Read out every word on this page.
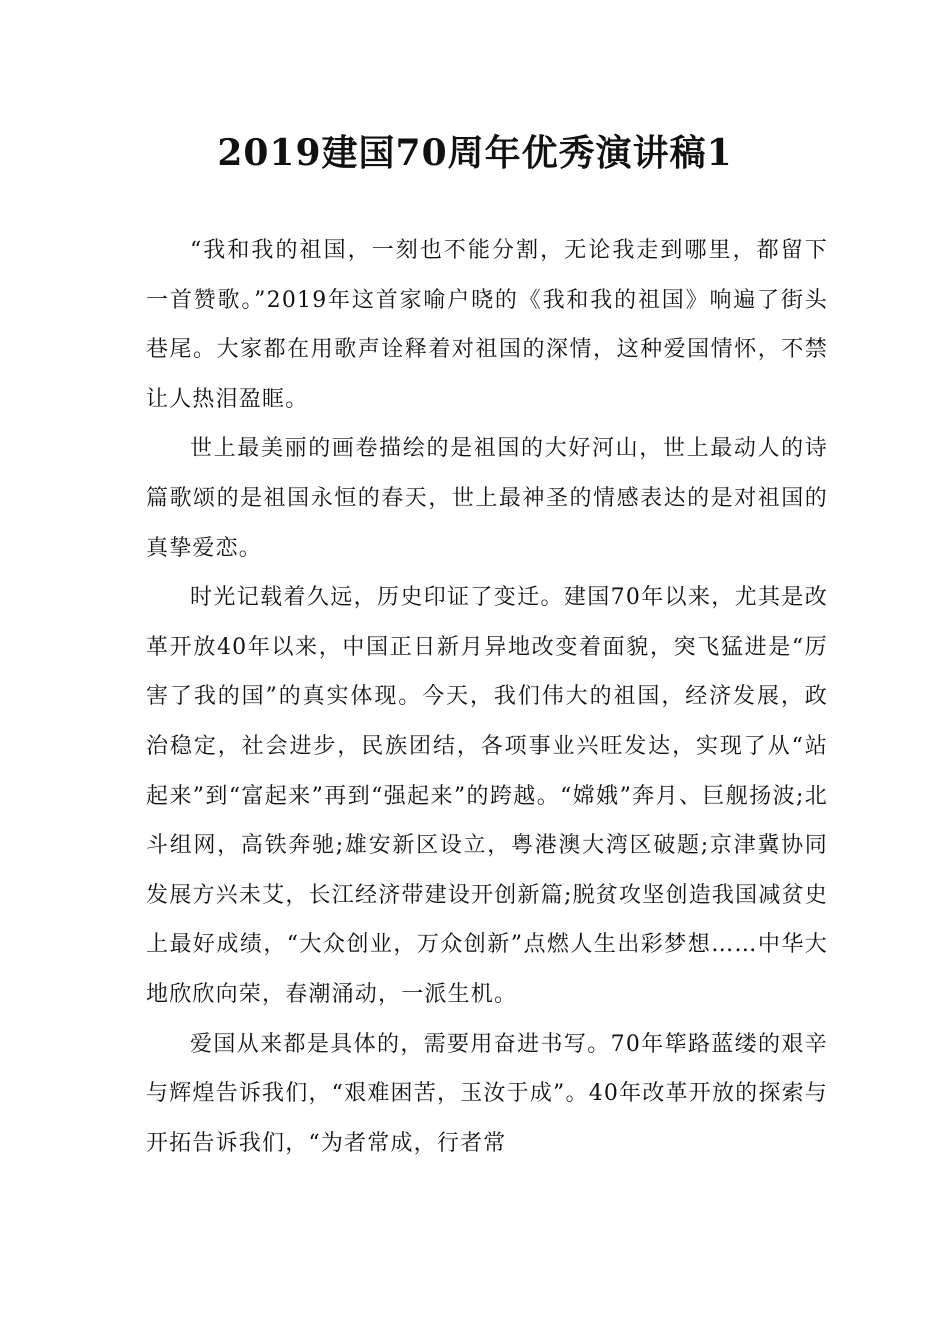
2019建国70周年优秀演讲稿1

“我和我的祖国，一刻也不能分割，无论我走到哪里，都留下一首赞歌。”2019年这首家喻户晓的《我和我的祖国》响遍了街头巷尾。大家都在用歌声诠释着对祖国的深情，这种爱国情怀，不禁让人热泪盈眶。

世上最美丽的画卷描绘的是祖国的大好河山，世上最动人的诗篇歌颂的是祖国永恒的春天，世上最神圣的情感表达的是对祖国的真挚爱恋。

时光记载着久远，历史印证了变迁。建国70年以来，尤其是改革开放40年以来，中国正日新月异地改变着面貌，突飞猛进是“厉害了我的国”的真实体现。今天，我们伟大的祖国，经济发展，政治稳定，社会进步，民族团结，各项事业兴旺发达，实现了从“站起来”到“富起来”再到“强起来”的跨越。“嫦娥”奔月、巨舰扬波;北斗组网，高铁奔驰;雄安新区设立，粤港澳大湾区破题;京津冀协同发展方兴未艾，长江经济带建设开创新篇;脱贫攻坚创造我国减贫史上最好成绩，“大众创业，万众创新”点燃人生出彩梦想……中华大地欣欣向荣，春潮涌动，一派生机。

爱国从来都是具体的，需要用奋进书写。70年筚路蓝缕的艰辛与辉煌告诉我们，“艰难困苦，玉汝于成”。40年改革开放的探索与开拓告诉我们，“为者常成，行者常
